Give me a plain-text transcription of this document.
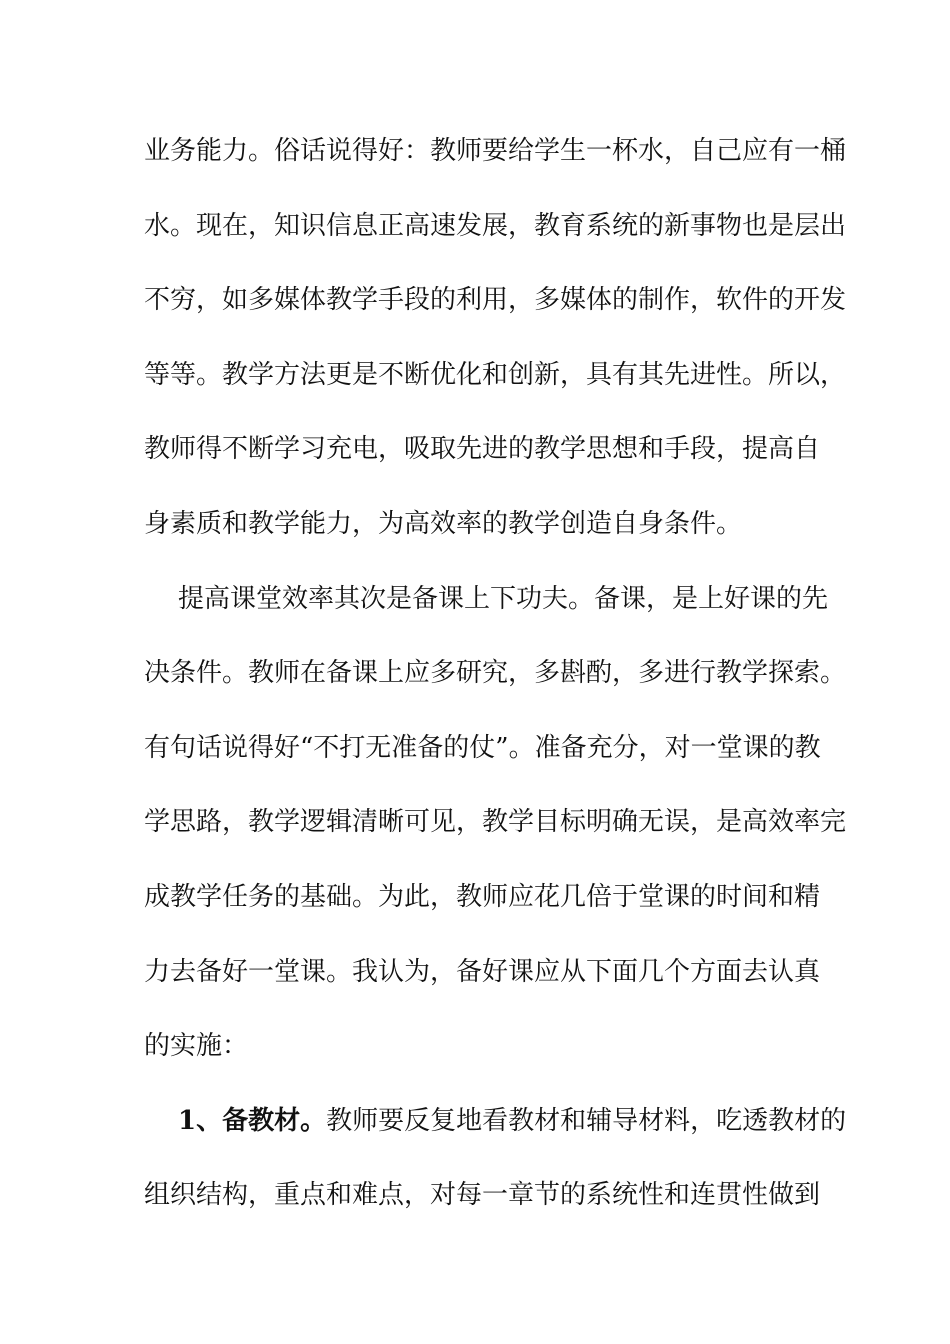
业务能力。俗话说得好：教师要给学生一杯水，自己应有一桶
水。现在，知识信息正高速发展，教育系统的新事物也是层出
不穷，如多媒体教学手段的利用，多媒体的制作，软件的开发
等等。教学方法更是不断优化和创新，具有其先进性。所以，
教师得不断学习充电，吸取先进的教学思想和手段，提高自
身素质和教学能力，为高效率的教学创造自身条件。
提高课堂效率其次是备课上下功夫。备课，是上好课的先
决条件。教师在备课上应多研究，多斟酌，多进行教学探索。
有句话说得好“不打无准备的仗”。准备充分，对一堂课的教
学思路，教学逻辑清晰可见，教学目标明确无误，是高效率完
成教学任务的基础。为此，教师应花几倍于堂课的时间和精
力去备好一堂课。我认为，备好课应从下面几个方面去认真
的实施：
1、备教材。教师要反复地看教材和辅导材料，吃透教材的
组织结构，重点和难点，对每一章节的系统性和连贯性做到
